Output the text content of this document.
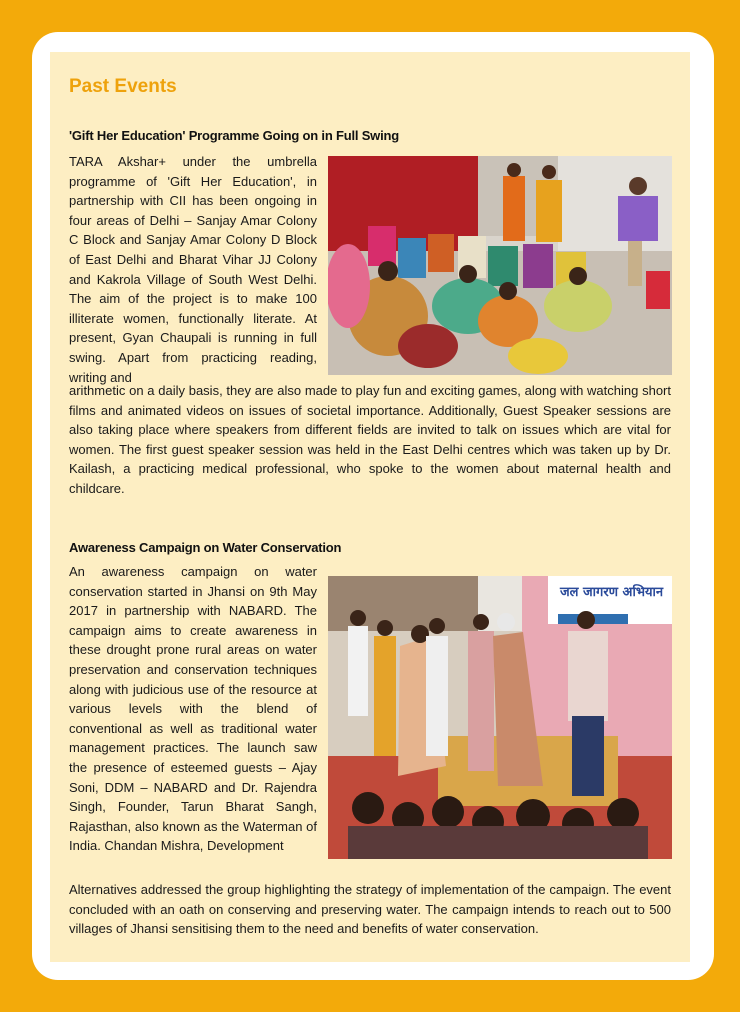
Past Events
'Gift Her Education' Programme Going on in Full Swing

TARA Akshar+ under the umbrella programme of 'Gift Her Education', in partnership with CII has been ongoing in four areas of Delhi – Sanjay Amar Colony C Block and Sanjay Amar Colony D Block of East Delhi and Bharat Vihar JJ Colony and Kakrola Village of South West Delhi. The aim of the project is to make 100 illiterate women, functionally literate. At present, Gyan Chaupali is running in full swing. Apart from practicing reading, writing and

arithmetic on a daily basis, they are also made to play fun and exciting games, along with watching short films and animated videos on issues of societal importance. Additionally, Guest Speaker sessions are also taking place where speakers from different fields are invited to talk on issues which are vital for women. The first guest speaker session was held in the East Delhi centres which was taken up by Dr. Kailash, a practicing medical professional, who spoke to the women about maternal health and childcare.

Awareness Campaign on Water Conservation

An awareness campaign on water conservation started in Jhansi on 9th May 2017 in partnership with NABARD. The campaign aims to create awareness in these drought prone rural areas on water preservation and conservation techniques along with judicious use of the resource at various levels with the blend of conventional as well as traditional water management practices. The launch saw the presence of esteemed guests – Ajay Soni, DDM – NABARD and Dr. Rajendra Singh, Founder, Tarun Bharat Sangh, Rajasthan, also known as the Waterman of India. Chandan Mishra, Development

जल जागरण अभियान

Alternatives addressed the group highlighting the strategy of implementation of the campaign. The event concluded with an oath on conserving and preserving water. The campaign intends to reach out to 500 villages of Jhansi sensitising them to the need and benefits of water conservation.
